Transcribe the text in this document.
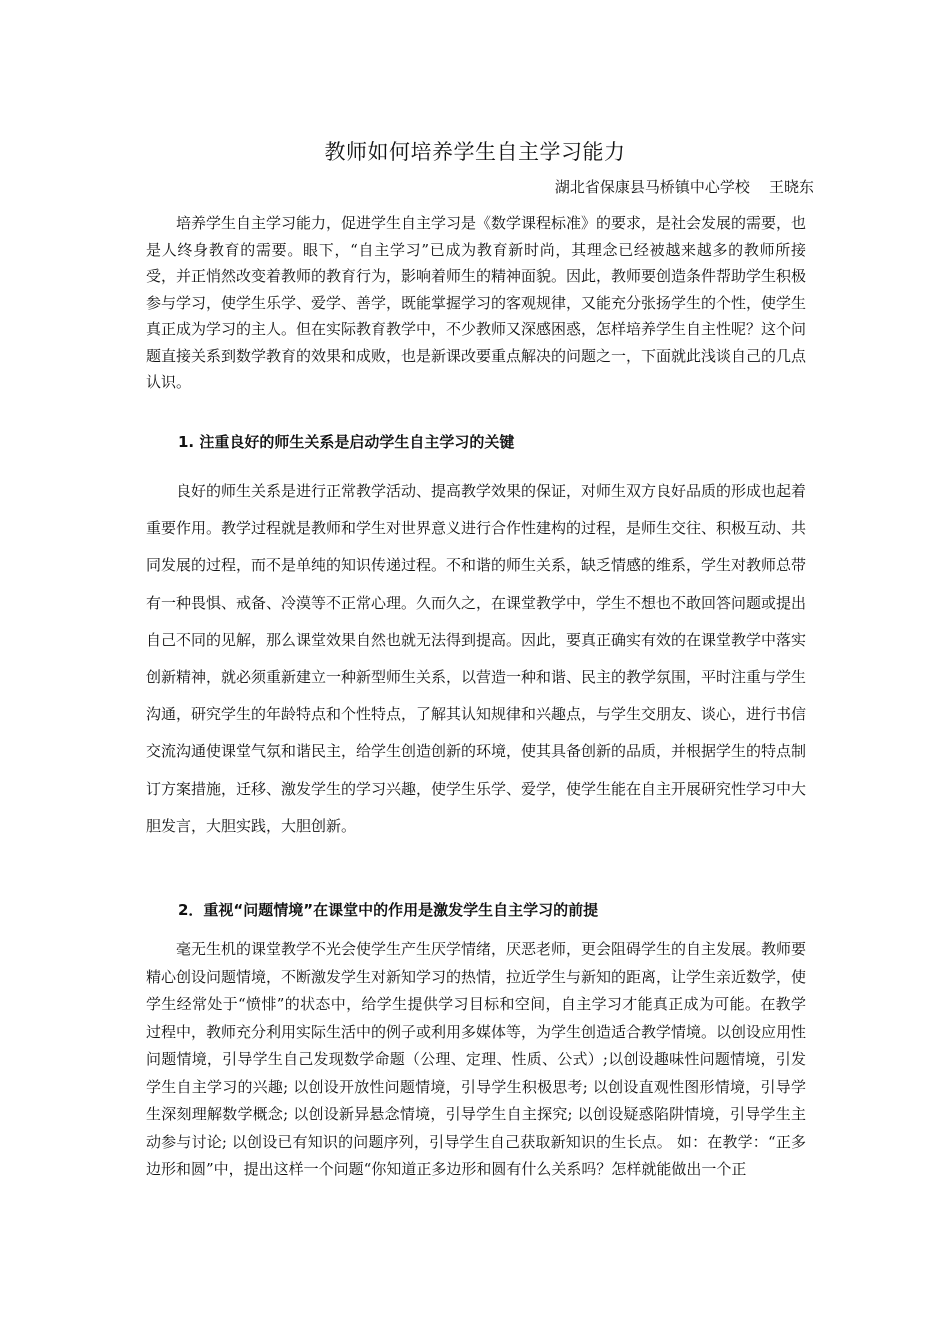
教师如何培养学生自主学习能力
湖北省保康县马桥镇中心学校    王晓东

培养学生自主学习能力，促进学生自主学习是《数学课程标准》的要求，是社会发展的需要，也是人终身教育的需要。眼下，“自主学习”已成为教育新时尚，其理念已经被越来越多的教师所接受，并正悄然改变着教师的教育行为，影响着师生的精神面貌。因此，教师要创造条件帮助学生积极参与学习，使学生乐学、爱学、善学，既能掌握学习的客观规律，又能充分张扬学生的个性，使学生真正成为学习的主人。但在实际教育教学中，不少教师又深感困惑，怎样培养学生自主性呢？这个问题直接关系到数学教育的效果和成败，也是新课改要重点解决的问题之一，下面就此浅谈自己的几点认识。

1. 注重良好的师生关系是启动学生自主学习的关键

良好的师生关系是进行正常教学活动、提高教学效果的保证，对师生双方良好品质的形成也起着重要作用。教学过程就是教师和学生对世界意义进行合作性建构的过程，是师生交往、积极互动、共同发展的过程，而不是单纯的知识传递过程。不和谐的师生关系，缺乏情感的维系，学生对教师总带有一种畏惧、戒备、冷漠等不正常心理。久而久之，在课堂教学中，学生不想也不敢回答问题或提出自己不同的见解，那么课堂效果自然也就无法得到提高。因此，要真正确实有效的在课堂教学中落实创新精神，就必须重新建立一种新型师生关系，以营造一种和谐、民主的教学氛围，平时注重与学生沟通，研究学生的年龄特点和个性特点，了解其认知规律和兴趣点，与学生交朋友、谈心，进行书信交流沟通使课堂气氛和谐民主，给学生创造创新的环境，使其具备创新的品质，并根据学生的特点制订方案措施，迁移、激发学生的学习兴趣，使学生乐学、爱学，使学生能在自主开展研究性学习中大胆发言，大胆实践，大胆创新。

2．重视“问题情境”在课堂中的作用是激发学生自主学习的前提

毫无生机的课堂教学不光会使学生产生厌学情绪，厌恶老师，更会阻碍学生的自主发展。教师要精心创设问题情境，不断激发学生对新知学习的热情，拉近学生与新知的距离，让学生亲近数学，使学生经常处于“愤悱”的状态中，给学生提供学习目标和空间，自主学习才能真正成为可能。在教学过程中，教师充分利用实际生活中的例子或利用多媒体等，为学生创造适合教学情境。以创设应用性问题情境，引导学生自己发现数学命题（公理、定理、性质、公式）;以创设趣味性问题情境，引发学生自主学习的兴趣; 以创设开放性问题情境，引导学生积极思考; 以创设直观性图形情境，引导学生深刻理解数学概念; 以创设新异悬念情境，引导学生自主探究; 以创设疑惑陷阱情境，引导学生主动参与讨论; 以创设已有知识的问题序列，引导学生自己获取新知识的生长点。 如：在教学：“正多边形和圆”中，提出这样一个问题“你知道正多边形和圆有什么关系吗？怎样就能做出一个正
